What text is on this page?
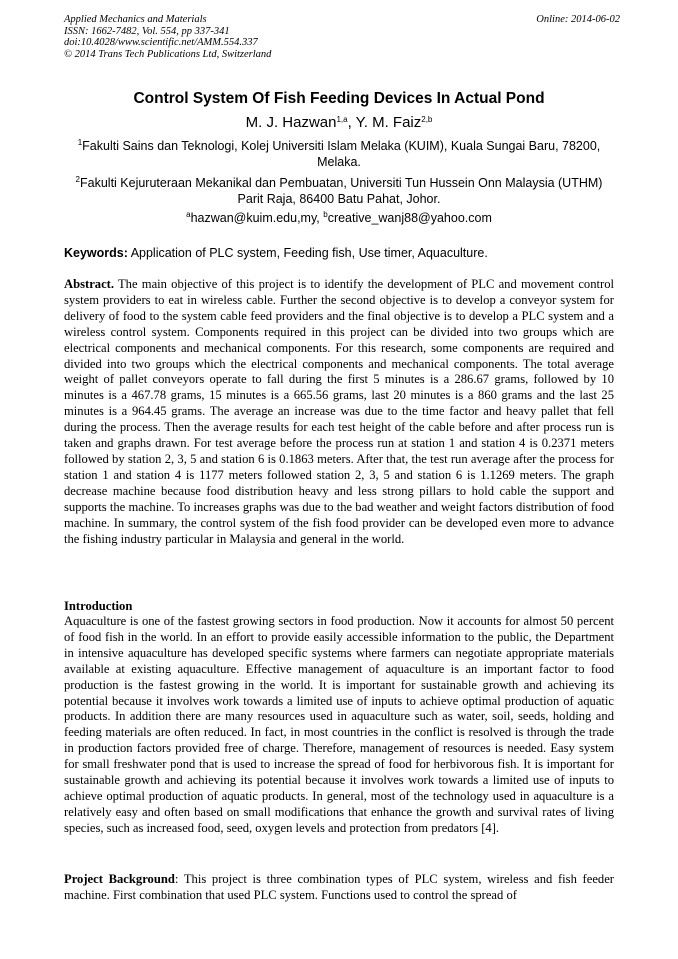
Applied Mechanics and Materials
ISSN: 1662-7482, Vol. 554, pp 337-341
doi:10.4028/www.scientific.net/AMM.554.337
© 2014 Trans Tech Publications Ltd, Switzerland
Online: 2014-06-02
Control System Of Fish Feeding Devices In Actual Pond
M. J. Hazwan$^{1,a}$, Y. M. Faiz$^{2,b}$
$^1$Fakulti Sains dan Teknologi, Kolej Universiti Islam Melaka (KUIM), Kuala Sungai Baru, 78200, Melaka.
$^2$Fakulti Kejuruteraan Mekanikal dan Pembuatan, Universiti Tun Hussein Onn Malaysia (UTHM) Parit Raja, 86400 Batu Pahat, Johor.
$^a$hazwan@kuim.edu,my, $^b$creative_wanj88@yahoo.com
Keywords: Application of PLC system, Feeding fish, Use timer, Aquaculture.

Abstract. The main objective of this project is to identify the development of PLC and movement control system providers to eat in wireless cable. Further the second objective is to develop a conveyor system for delivery of food to the system cable feed providers and the final objective is to develop a PLC system and a wireless control system. Components required in this project can be divided into two groups which are electrical components and mechanical components. For this research, some components are required and divided into two groups which the electrical components and mechanical components. The total average weight of pallet conveyors operate to fall during the first 5 minutes is a 286.67 grams, followed by 10 minutes is a 467.78 grams, 15 minutes is a 665.56 grams, last 20 minutes is a 860 grams and the last 25 minutes is a 964.45 grams. The average an increase was due to the time factor and heavy pallet that fell during the process. Then the average results for each test height of the cable before and after process run is taken and graphs drawn. For test average before the process run at station 1 and station 4 is 0.2371 meters followed by station 2, 3, 5 and station 6 is 0.1863 meters. After that, the test run average after the process for station 1 and station 4 is 1177 meters followed station 2, 3, 5 and station 6 is 1.1269 meters. The graph decrease machine because food distribution heavy and less strong pillars to hold cable the support and supports the machine. To increases graphs was due to the bad weather and weight factors distribution of food machine. In summary, the control system of the fish food provider can be developed even more to advance the fishing industry particular in Malaysia and general in the world.

Introduction

Aquaculture is one of the fastest growing sectors in food production. Now it accounts for almost 50 percent of food fish in the world. In an effort to provide easily accessible information to the public, the Department in intensive aquaculture has developed specific systems where farmers can negotiate appropriate materials available at existing aquaculture. Effective management of aquaculture is an important factor to food production is the fastest growing in the world. It is important for sustainable growth and achieving its potential because it involves work towards a limited use of inputs to achieve optimal production of aquatic products. In addition there are many resources used in aquaculture such as water, soil, seeds, holding and feeding materials are often reduced. In fact, in most countries in the conflict is resolved is through the trade in production factors provided free of charge. Therefore, management of resources is needed. Easy system for small freshwater pond that is used to increase the spread of food for herbivorous fish. It is important for sustainable growth and achieving its potential because it involves work towards a limited use of inputs to achieve optimal production of aquatic products. In general, most of the technology used in aquaculture is a relatively easy and often based on small modifications that enhance the growth and survival rates of living species, such as increased food, seed, oxygen levels and protection from predators [4].

Project Background: This project is three combination types of PLC system, wireless and fish feeder machine. First combination that used PLC system. Functions used to control the spread of
